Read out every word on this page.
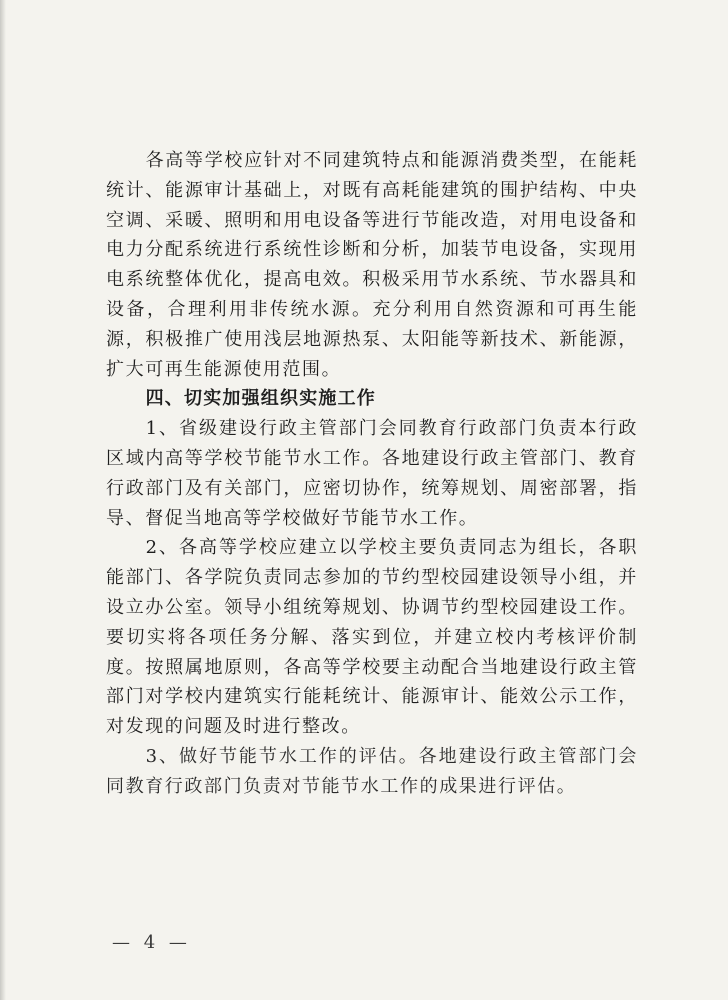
各高等学校应针对不同建筑特点和能源消费类型，在能耗统计、能源审计基础上，对既有高耗能建筑的围护结构、中央空调、采暖、照明和用电设备等进行节能改造，对用电设备和电力分配系统进行系统性诊断和分析，加装节电设备，实现用电系统整体优化，提高电效。积极采用节水系统、节水器具和设备，合理利用非传统水源。充分利用自然资源和可再生能源，积极推广使用浅层地源热泵、太阳能等新技术、新能源，扩大可再生能源使用范围。

四、切实加强组织实施工作

1、省级建设行政主管部门会同教育行政部门负责本行政区域内高等学校节能节水工作。各地建设行政主管部门、教育行政部门及有关部门，应密切协作，统筹规划、周密部署，指导、督促当地高等学校做好节能节水工作。

2、各高等学校应建立以学校主要负责同志为组长，各职能部门、各学院负责同志参加的节约型校园建设领导小组，并设立办公室。领导小组统筹规划、协调节约型校园建设工作。要切实将各项任务分解、落实到位，并建立校内考核评价制度。按照属地原则，各高等学校要主动配合当地建设行政主管部门对学校内建筑实行能耗统计、能源审计、能效公示工作，对发现的问题及时进行整改。

3、做好节能节水工作的评估。各地建设行政主管部门会同教育行政部门负责对节能节水工作的成果进行评估。

— 4 —
